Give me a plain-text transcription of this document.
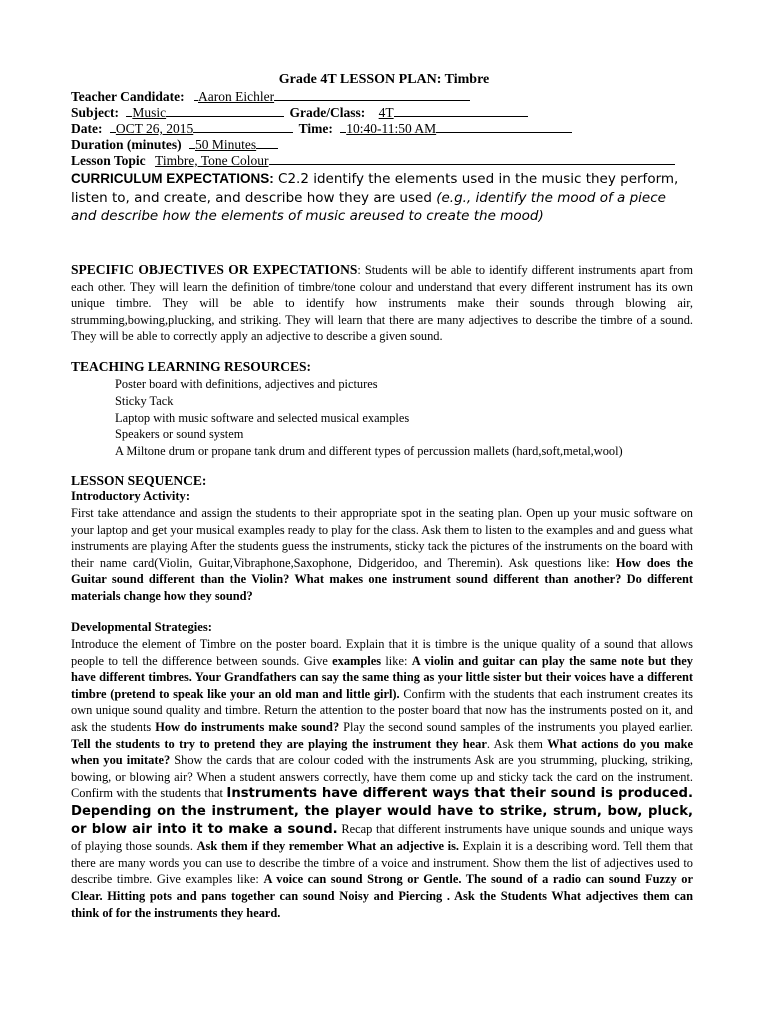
Grade 4T LESSON PLAN: Timbre
Teacher Candidate: Aaron Eichler
Subject: Music	Grade/Class: 4T
Date: OCT 26, 2015	Time: 10:40-11:50 AM
Duration (minutes) 50 Minutes
Lesson Topic Timbre, Tone Colour
CURRICULUM EXPECTATIONS: C2.2 identify the elements used in the music they perform, listen to, and create, and describe how they are used (e.g., identify the mood of a piece and describe how the elements of music areused to create the mood)
SPECIFIC OBJECTIVES OR EXPECTATIONS: Students will be able to identify different instruments apart from each other. They will learn the definition of timbre/tone colour and understand that every different instrument has its own unique timbre. They will be able to identify how instruments make their sounds through blowing air, strumming,bowing,plucking, and striking. They will learn that there are many adjectives to describe the timbre of a sound. They will be able to correctly apply an adjective to describe a given sound.
TEACHING LEARNING RESOURCES:
Poster board with definitions, adjectives and pictures
Sticky Tack
Laptop with music software and selected musical examples
Speakers or sound system
A Miltone drum or propane tank drum and different types of percussion mallets (hard,soft,metal,wool)
LESSON SEQUENCE:
Introductory Activity:
First take attendance and assign the students to their appropriate spot in the seating plan. Open up your music software on your laptop and get your musical examples ready to play for the class. Ask them to listen to the examples and and guess what instruments are playing After the students guess the instruments, sticky tack the pictures of the instruments on the board with their name card(Violin, Guitar,Vibraphone,Saxophone, Didgeridoo, and Theremin). Ask questions like: How does the Guitar sound different than the Violin? What makes one instrument sound different than another? Do different materials change how they sound?
Developmental Strategies:
Introduce the element of Timbre on the poster board. Explain that it is timbre is the unique quality of a sound that allows people to tell the difference between sounds. Give examples like: A violin and guitar can play the same note but they have different timbres. Your Grandfathers can say the same thing as your little sister but their voices have a different timbre (pretend to speak like your an old man and little girl). Confirm with the students that each instrument creates its own unique sound quality and timbre. Return the attention to the poster board that now has the instruments posted on it, and ask the students How do instruments make sound? Play the second sound samples of the instruments you played earlier. Tell the students to try to pretend they are playing the instrument they hear. Ask them What actions do you make when you imitate? Show the cards that are colour coded with the instruments Ask are you strumming, plucking, striking, bowing, or blowing air? When a student answers correctly, have them come up and sticky tack the card on the instrument. Confirm with the students that Instruments have different ways that their sound is produced. Depending on the instrument, the player would have to strike, strum, bow, pluck, or blow air into it to make a sound. Recap that different instruments have unique sounds and unique ways of playing those sounds. Ask them if they remember What an adjective is. Explain it is a describing word. Tell them that there are many words you can use to describe the timbre of a voice and instrument. Show them the list of adjectives used to describe timbre. Give examples like: A voice can sound Strong or Gentle. The sound of a radio can sound Fuzzy or Clear. Hitting pots and pans together can sound Noisy and Piercing . Ask the Students What adjectives them can think of for the instruments they heard.
